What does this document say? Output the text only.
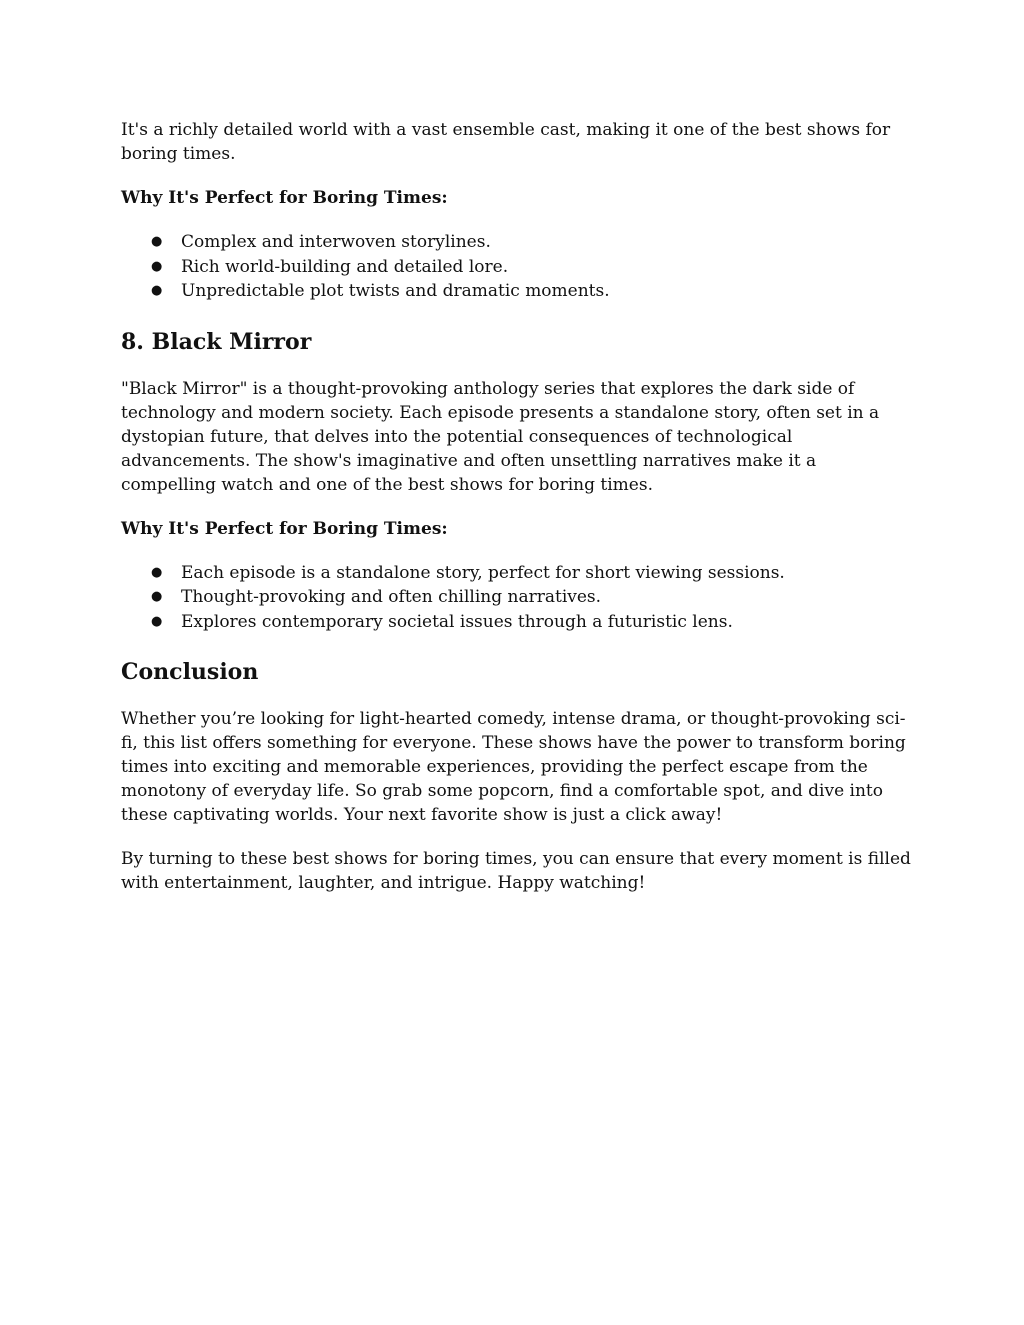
It's a richly detailed world with a vast ensemble cast, making it one of the best shows for boring times.

Why It's Perfect for Boring Times:

● Complex and interwoven storylines.
● Rich world-building and detailed lore.
● Unpredictable plot twists and dramatic moments.
8. Black Mirror

"Black Mirror" is a thought-provoking anthology series that explores the dark side of technology and modern society. Each episode presents a standalone story, often set in a dystopian future, that delves into the potential consequences of technological advancements. The show's imaginative and often unsettling narratives make it a compelling watch and one of the best shows for boring times.

Why It's Perfect for Boring Times:

● Each episode is a standalone story, perfect for short viewing sessions.
● Thought-provoking and often chilling narratives.
● Explores contemporary societal issues through a futuristic lens.
Conclusion

Whether you’re looking for light-hearted comedy, intense drama, or thought-provoking sci-fi, this list offers something for everyone. These shows have the power to transform boring times into exciting and memorable experiences, providing the perfect escape from the monotony of everyday life. So grab some popcorn, find a comfortable spot, and dive into these captivating worlds. Your next favorite show is just a click away!

By turning to these best shows for boring times, you can ensure that every moment is filled with entertainment, laughter, and intrigue. Happy watching!
